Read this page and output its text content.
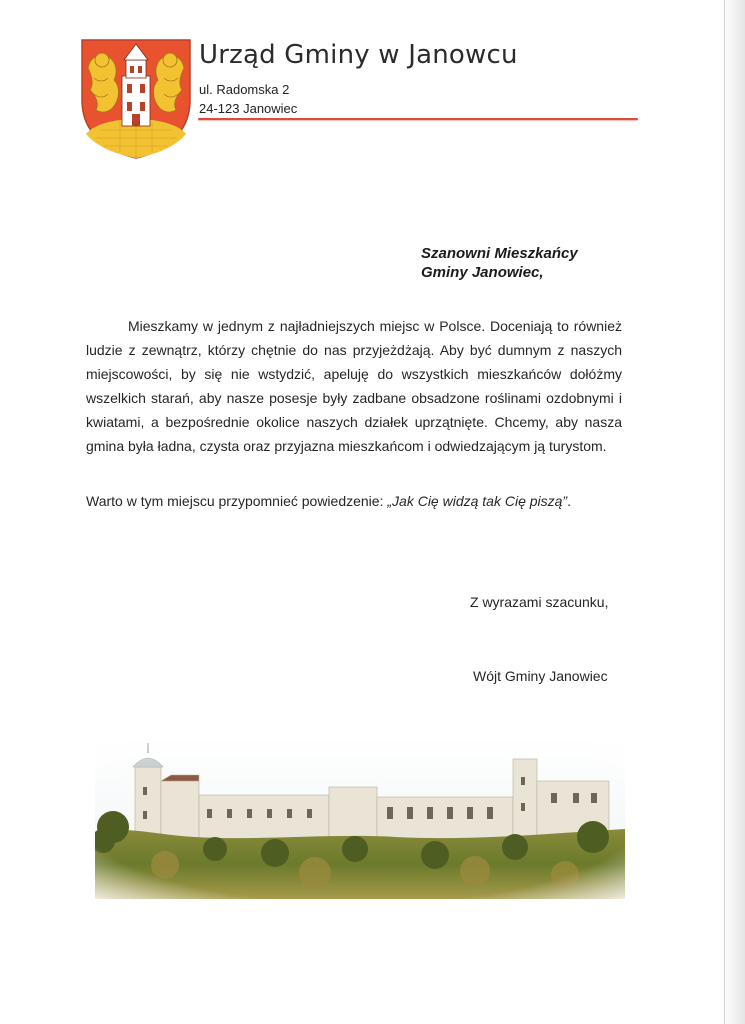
Urząd Gminy w Janowcu
ul. Radomska 2
24-123 Janowiec
Szanowni Mieszkańcy
Gminy Janowiec,

Mieszkamy w jednym z najładniejszych miejsc w Polsce. Doceniają to również ludzie z zewnątrz, którzy chętnie do nas przyjeżdżają. Aby być dumnym z naszych miejscowości, by się nie wstydzić, apeluję do wszystkich mieszkańców dołóżmy wszelkich starań, aby nasze posesje były zadbane obsadzone roślinami ozdobnymi i kwiatami, a bezpośrednie okolice naszych działek uprzątnięte. Chcemy, aby nasza gmina była ładna, czysta oraz przyjazna mieszkańcom i odwiedzającym ją turystom.

Warto w tym miejscu przypomnieć powiedzenie: „Jak Cię widzą tak Cię piszą”.

Z wyrazami szacunku,
Wójt Gminy Janowiec
